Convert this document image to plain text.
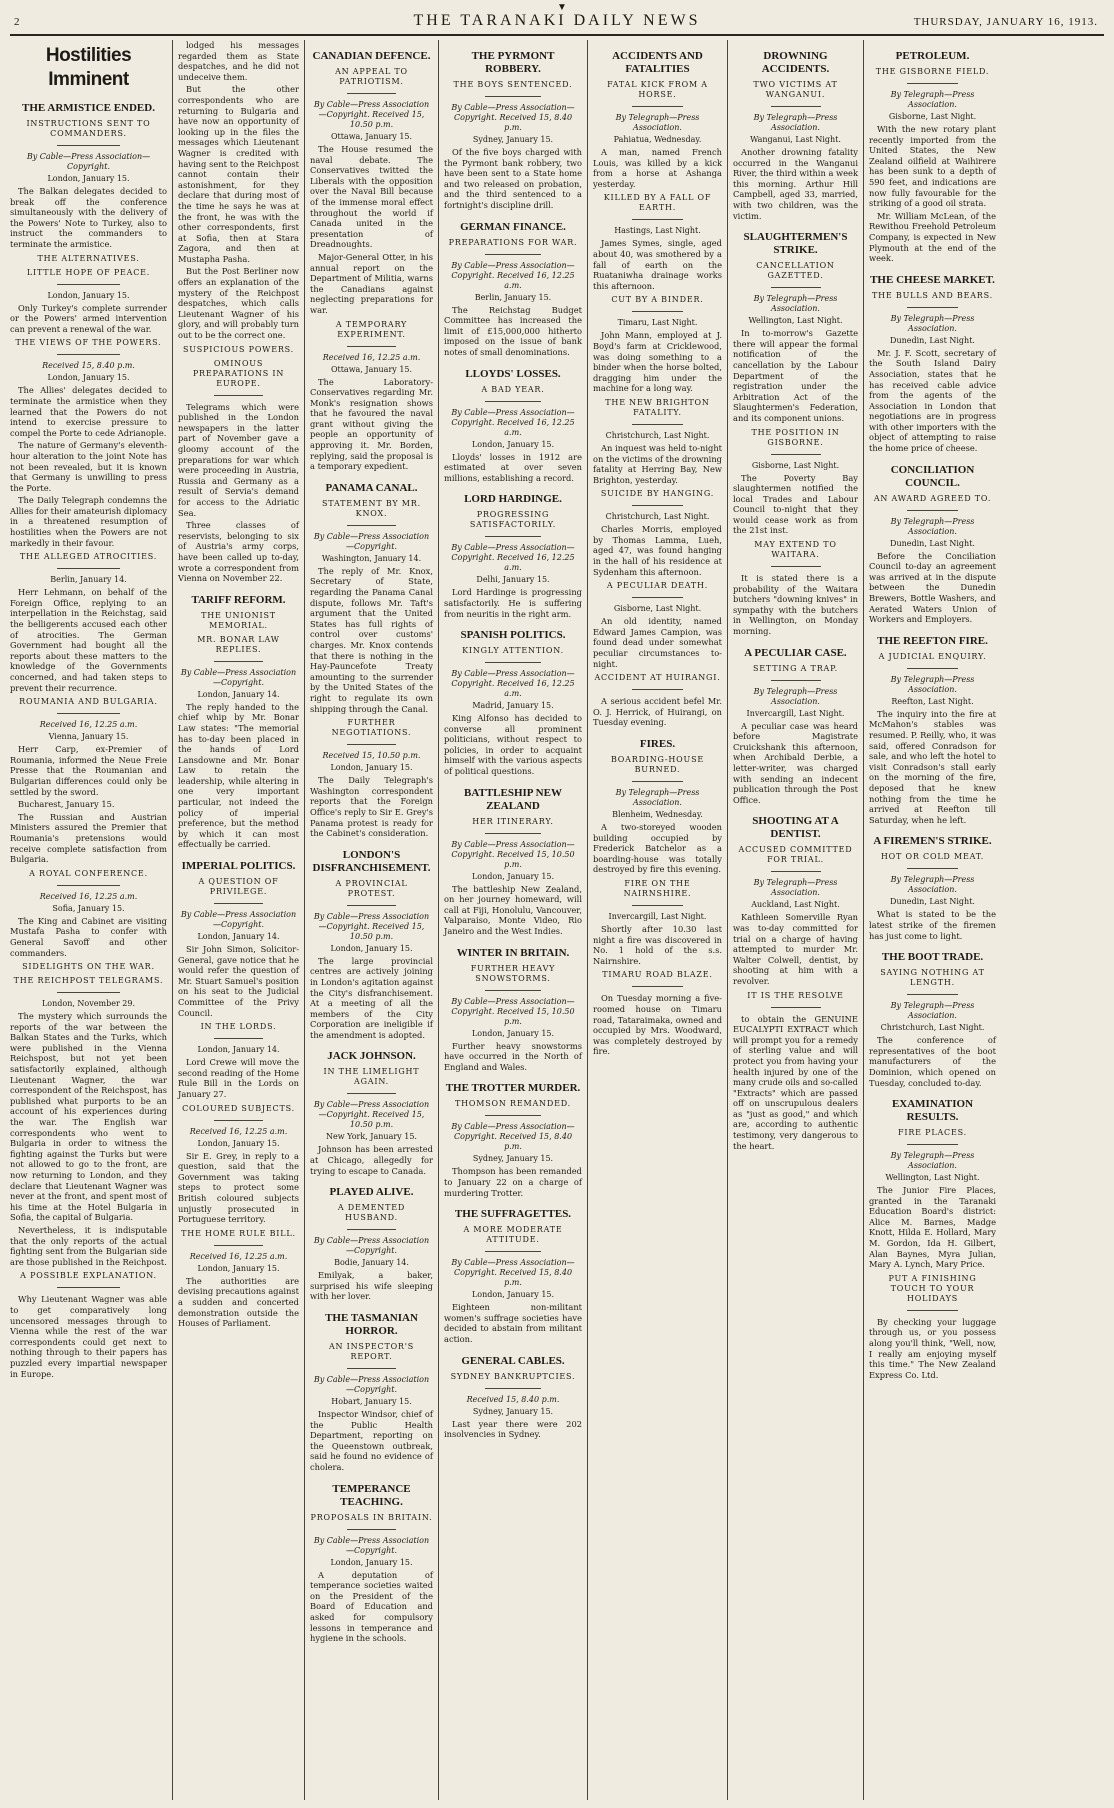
▼
2	THE TARANAKI DAILY NEWS	THURSDAY, JANUARY 16, 1913.
Hostilities Imminent
THE ARMISTICE ENDED.
INSTRUCTIONS SENT TO COMMANDERS.
By Cable—Press Association—Copyright.
London, January 15.

The Balkan delegates decided to break off the conference simultaneously with the delivery of the Powers' Note to Turkey, also to instruct the commanders to terminate the armistice.

THE ALTERNATIVES.
LITTLE HOPE OF PEACE.
London, January 15.

Only Turkey's complete surrender or the Powers' armed intervention can prevent a renewal of the war.

THE VIEWS OF THE POWERS.
Received 15, 8.40 p.m.
London, January 15.

The Allies' delegates decided to terminate the armistice when they learned that the Powers do not intend to exercise pressure to compel the Porte to cede Adrianople.

The nature of Germany's eleventh-hour alteration to the joint Note has not been revealed, but it is known that Germany is unwilling to press the Porte.

The Daily Telegraph condemns the Allies for their amateurish diplomacy in a threatened resumption of hostilities when the Powers are not markedly in their favour.

THE ALLEGED ATROCITIES.
Berlin, January 14.

Herr Lehmann, on behalf of the Foreign Office, replying to an interpellation in the Reichstag, said the belligerents accused each other of atrocities. The German Government had bought all the reports about these matters to the knowledge of the Governments concerned, and had taken steps to prevent their recurrence.

ROUMANIA AND BULGARIA.
Received 16, 12.25 a.m.
Vienna, January 15.

Herr Carp, ex-Premier of Roumania, informed the Neue Freie Presse that the Roumanian and Bulgarian differences could only be settled by the sword.

Bucharest, January 15.

The Russian and Austrian Ministers assured the Premier that Roumania's pretensions would receive complete satisfaction from Bulgaria.

A ROYAL CONFERENCE.
Received 16, 12.25 a.m.
Sofia, January 15.

The King and Cabinet are visiting Mustafa Pasha to confer with General Savoff and other commanders.

SIDELIGHTS ON THE WAR.
THE REICHPOST TELEGRAMS.
London, November 29.

The mystery which surrounds the reports of the war between the Balkan States and the Turks, which were published in the Vienna Reichspost, but not yet been satisfactorily explained, although Lieutenant Wagner, the war correspondent of the Reichspost, has published what purports to be an account of his experiences during the war. The English war correspondents who went to Bulgaria in order to witness the fighting against the Turks but were not allowed to go to the front, are now returning to London, and they declare that Lieutenant Wagner was never at the front, and spent most of his time at the Hotel Bulgaria in Sofia, the capital of Bulgaria.

Nevertheless, it is indisputable that the only reports of the actual fighting sent from the Bulgarian side are those published in the Reichpost.

A POSSIBLE EXPLANATION.

Why Lieutenant Wagner was able to get comparatively long uncensored messages through to Vienna while the rest of the war correspondents could get next to nothing through to their papers has puzzled every impartial newspaper in Europe.

lodged his messages regarded them as State despatches, and he did not undeceive them.

But the other correspondents who are returning to Bulgaria and have now an opportunity of looking up in the files the messages which Lieutenant Wagner is credited with having sent to the Reichpost cannot contain their astonishment, for they declare that during most of the time he says he was at the front, he was with the other correspondents, first at Sofia, then at Stara Zagora, and then at Mustapha Pasha.

But the Post Berliner now offers an explanation of the mystery of the Reichpost despatches, which calls Lieutenant Wagner of his glory, and will probably turn out to be the correct one.

SUSPICIOUS POWERS.
OMINOUS PREPARATIONS IN EUROPE.

Telegrams which were published in the London newspapers in the latter part of November gave a gloomy account of the preparations for war which were proceeding in Austria, Russia and Germany as a result of Servia's demand for access to the Adriatic Sea.

Three classes of reservists, belonging to six of Austria's army corps, have been called up to-day, wrote a correspondent from Vienna on November 22.

TARIFF REFORM.
THE UNIONIST MEMORIAL.
MR. BONAR LAW REPLIES.
By Cable—Press Association—Copyright.
London, January 14.

The reply handed to the chief whip by Mr. Bonar Law states: "The memorial has to-day been placed in the hands of Lord Lansdowne and Mr. Bonar Law to retain the leadership, while altering in one very important particular, not indeed the policy of imperial preference, but the method by which it can most effectually be carried.

IMPERIAL POLITICS.
A QUESTION OF PRIVILEGE.
By Cable—Press Association—Copyright.
London, January 14.

Sir John Simon, Solicitor-General, gave notice that he would refer the question of Mr. Stuart Samuel's position on his seat to the Judicial Committee of the Privy Council.

IN THE LORDS.
London, January 14.

Lord Crewe will move the second reading of the Home Rule Bill in the Lords on January 27.

COLOURED SUBJECTS.
Received 16, 12.25 a.m.
London, January 15.

Sir E. Grey, in reply to a question, said that the Government was taking steps to protect some British coloured subjects unjustly prosecuted in Portuguese territory.

THE HOME RULE BILL.
Received 16, 12.25 a.m.
London, January 15.

The authorities are devising precautions against a sudden and concerted demonstration outside the Houses of Parliament.

CANADIAN DEFENCE.
AN APPEAL TO PATRIOTISM.
By Cable—Press Association—Copyright. Received 15, 10.50 p.m.
Ottawa, January 15.

The House resumed the naval debate. The Conservatives twitted the Liberals with the opposition over the Naval Bill because of the immense moral effect throughout the world if Canada united in the presentation of Dreadnoughts.

Major-General Otter, in his annual report on the Department of Militia, warns the Canadians against neglecting preparations for war.

A TEMPORARY EXPERIMENT.
Received 16, 12.25 a.m.
Ottawa, January 15.

The Laboratory-Conservatives regarding Mr. Monk's resignation shows that he favoured the naval grant without giving the people an opportunity of approving it. Mr. Borden, replying, said the proposal is a temporary expedient.

PANAMA CANAL.
STATEMENT BY MR. KNOX.
By Cable—Press Association—Copyright.
Washington, January 14.

The reply of Mr. Knox, Secretary of State, regarding the Panama Canal dispute, follows Mr. Taft's argument that the United States has full rights of control over customs' charges. Mr. Knox contends that there is nothing in the Hay-Pauncefote Treaty amounting to the surrender by the United States of the right to regulate its own shipping through the Canal.

FURTHER NEGOTIATIONS.
Received 15, 10.50 p.m.
London, January 15.

The Daily Telegraph's Washington correspondent reports that the Foreign Office's reply to Sir E. Grey's Panama protest is ready for the Cabinet's consideration.

LONDON'S DISFRANCHISEMENT.
A PROVINCIAL PROTEST.
By Cable—Press Association—Copyright. Received 15, 10.50 p.m.
London, January 15.

The large provincial centres are actively joining in London's agitation against the City's disfranchisement. At a meeting of all the members of the City Corporation are ineligible if the amendment is adopted.

JACK JOHNSON.
IN THE LIMELIGHT AGAIN.
By Cable—Press Association—Copyright. Received 15, 10.50 p.m.
New York, January 15.

Johnson has been arrested at Chicago, allegedly for trying to escape to Canada.

PLAYED ALIVE.
A DEMENTED HUSBAND.
By Cable—Press Association—Copyright.
Bodie, January 14.

Emilyak, a baker, surprised his wife sleeping with her lover.

THE TASMANIAN HORROR.
AN INSPECTOR'S REPORT.
By Cable—Press Association—Copyright.
Hobart, January 15.

Inspector Windsor, chief of the Public Health Department, reporting on the Queenstown outbreak, said he found no evidence of cholera.

TEMPERANCE TEACHING.
PROPOSALS IN BRITAIN.
By Cable—Press Association—Copyright.
London, January 15.

A deputation of temperance societies waited on the President of the Board of Education and asked for compulsory lessons in temperance and hygiene in the schools.

THE PYRMONT ROBBERY.
THE BOYS SENTENCED.
By Cable—Press Association—Copyright. Received 15, 8.40 p.m.
Sydney, January 15.

Of the five boys charged with the Pyrmont bank robbery, two have been sent to a State home and two released on probation, and the third sentenced to a fortnight's discipline drill.

GERMAN FINANCE.
PREPARATIONS FOR WAR.
By Cable—Press Association—Copyright. Received 16, 12.25 a.m.
Berlin, January 15.

The Reichstag Budget Committee has increased the limit of £15,000,000 hitherto imposed on the issue of bank notes of small denominations.

LLOYDS' LOSSES.
A BAD YEAR.
By Cable—Press Association—Copyright. Received 16, 12.25 a.m.
London, January 15.

Lloyds' losses in 1912 are estimated at over seven millions, establishing a record.

LORD HARDINGE.
PROGRESSING SATISFACTORILY.
By Cable—Press Association—Copyright. Received 16, 12.25 a.m.
Delhi, January 15.

Lord Hardinge is progressing satisfactorily. He is suffering from neuritis in the right arm.

SPANISH POLITICS.
KINGLY ATTENTION.
By Cable—Press Association—Copyright. Received 16, 12.25 a.m.
Madrid, January 15.

King Alfonso has decided to converse all prominent politicians, without respect to policies, in order to acquaint himself with the various aspects of political questions.

BATTLESHIP NEW ZEALAND
HER ITINERARY.
By Cable—Press Association—Copyright. Received 15, 10.50 p.m.
London, January 15.

The battleship New Zealand, on her journey homeward, will call at Fiji, Honolulu, Vancouver, Valparaiso, Monte Video, Rio Janeiro and the West Indies.

WINTER IN BRITAIN.
FURTHER HEAVY SNOWSTORMS.
By Cable—Press Association—Copyright. Received 15, 10.50 p.m.
London, January 15.

Further heavy snowstorms have occurred in the North of England and Wales.

THE TROTTER MURDER.
THOMSON REMANDED.
By Cable—Press Association—Copyright. Received 15, 8.40 p.m.
Sydney, January 15.

Thompson has been remanded to January 22 on a charge of murdering Trotter.

THE SUFFRAGETTES.
A MORE MODERATE ATTITUDE.
By Cable—Press Association—Copyright. Received 15, 8.40 p.m.
London, January 15.

Eighteen non-militant women's suffrage societies have decided to abstain from militant action.

GENERAL CABLES.
SYDNEY BANKRUPTCIES.
Received 15, 8.40 p.m.
Sydney, January 15.

Last year there were 202 insolvencies in Sydney.

ACCIDENTS AND FATALITIES
FATAL KICK FROM A HORSE.
By Telegraph—Press Association.
Pahiatua, Wednesday.

A man, named French Louis, was killed by a kick from a horse at Ashanga yesterday.

KILLED BY A FALL OF EARTH.
Hastings, Last Night.

James Symes, single, aged about 40, was smothered by a fall of earth on the Ruataniwha drainage works this afternoon.

CUT BY A BINDER.
Timaru, Last Night.

John Mann, employed at J. Boyd's farm at Cricklewood, was doing something to a binder when the horse bolted, dragging him under the machine for a long way.

THE NEW BRIGHTON FATALITY.
Christchurch, Last Night.

An inquest was held to-night on the victims of the drowning fatality at Herring Bay, New Brighton, yesterday.

SUICIDE BY HANGING.
Christchurch, Last Night.

Charles Morris, employed by Thomas Lamma, Lueh, aged 47, was found hanging in the hall of his residence at Sydenham this afternoon.

A PECULIAR DEATH.
Gisborne, Last Night.

An old identity, named Edward James Campion, was found dead under somewhat peculiar circumstances to-night.

ACCIDENT AT HUIRANGI.

A serious accident befel Mr. O. J. Herrick, of Huirangi, on Tuesday evening.

FIRES.
BOARDING-HOUSE BURNED.
By Telegraph—Press Association.
Blenheim, Wednesday.

A two-storeyed wooden building occupied by Frederick Batchelor as a boarding-house was totally destroyed by fire this evening.

FIRE ON THE NAIRNSHIRE.
Invercargill, Last Night.

Shortly after 10.30 last night a fire was discovered in No. 1 hold of the s.s. Nairnshire.

TIMARU ROAD BLAZE.

On Tuesday morning a five-roomed house on Timaru road, Tataraimaka, owned and occupied by Mrs. Woodward, was completely destroyed by fire.

DROWNING ACCIDENTS.
TWO VICTIMS AT WANGANUI.
By Telegraph—Press Association.
Wanganui, Last Night.

Another drowning fatality occurred in the Wanganui River, the third within a week this morning. Arthur Hill Campbell, aged 33, married, with two children, was the victim.

SLAUGHTERMEN'S STRIKE.
CANCELLATION GAZETTED.
By Telegraph—Press Association.
Wellington, Last Night.

In to-morrow's Gazette there will appear the formal notification of the cancellation by the Labour Department of the registration under the Arbitration Act of the Slaughtermen's Federation, and its component unions.

THE POSITION IN GISBORNE.
Gisborne, Last Night.

The Poverty Bay slaughtermen notified the local Trades and Labour Council to-night that they would cease work as from the 21st inst.

MAY EXTEND TO WAITARA.

It is stated there is a probability of the Waitara butchers "downing knives" in sympathy with the butchers in Wellington, on Monday morning.

A PECULIAR CASE.
SETTING A TRAP.
By Telegraph—Press Association.
Invercargill, Last Night.

A peculiar case was heard before Magistrate Cruickshank this afternoon, when Archibald Derbie, a letter-writer, was charged with sending an indecent publication through the Post Office.

SHOOTING AT A DENTIST.
ACCUSED COMMITTED FOR TRIAL.
By Telegraph—Press Association.
Auckland, Last Night.

Kathleen Somerville Ryan was to-day committed for trial on a charge of having attempted to murder Mr. Walter Colwell, dentist, by shooting at him with a revolver.

IT IS THE RESOLVE

to obtain the GENUINE EUCALYPTI EXTRACT which will prompt you for a remedy of sterling value and will protect you from having your health injured by one of the many crude oils and so-called "Extracts" which are passed off on unscrupulous dealers as "just as good," and which are, according to authentic testimony, very dangerous to the heart.

PETROLEUM.
THE GISBORNE FIELD.
By Telegraph—Press Association.
Gisborne, Last Night.

With the new rotary plant recently imported from the United States, the New Zealand oilfield at Waihirere has been sunk to a depth of 590 feet, and indications are now fully favourable for the striking of a good oil strata.

Mr. William McLean, of the Rewithou Freehold Petroleum Company, is expected in New Plymouth at the end of the week.

THE CHEESE MARKET.
THE BULLS AND BEARS.
By Telegraph—Press Association.
Dunedin, Last Night.

Mr. J. F. Scott, secretary of the South Island Dairy Association, states that he has received cable advice from the agents of the Association in London that negotiations are in progress with other importers with the object of attempting to raise the home price of cheese.

CONCILIATION COUNCIL.
AN AWARD AGREED TO.
By Telegraph—Press Association.
Dunedin, Last Night.

Before the Conciliation Council to-day an agreement was arrived at in the dispute between the Dunedin Brewers, Bottle Washers, and Aerated Waters Union of Workers and Employers.

THE REEFTON FIRE.
A JUDICIAL ENQUIRY.
By Telegraph—Press Association.
Reefton, Last Night.

The inquiry into the fire at McMahon's stables was resumed. P. Reilly, who, it was said, offered Conradson for sale, and who left the hotel to visit Conradson's stall early on the morning of the fire, deposed that he knew nothing from the time he arrived at Reefton till Saturday, when he left.

A FIREMEN'S STRIKE.
HOT OR COLD MEAT.
By Telegraph—Press Association.
Dunedin, Last Night.

What is stated to be the latest strike of the firemen has just come to light.

THE BOOT TRADE.
SAYING NOTHING AT LENGTH.
By Telegraph—Press Association.
Christchurch, Last Night.

The conference of representatives of the boot manufacturers of the Dominion, which opened on Tuesday, concluded to-day.

EXAMINATION RESULTS.
FIRE PLACES.
By Telegraph—Press Association.
Wellington, Last Night.

The Junior Fire Places, granted in the Taranaki Education Board's district: Alice M. Barnes, Madge Knott, Hilda E. Hollard, Mary M. Gordon, Ida H. Gilbert, Alan Baynes, Myra Julian, Mary A. Lynch, Mary Price.

PUT A FINISHING TOUCH TO YOUR HOLIDAYS

By checking your luggage through us, or you possess along you'll think, "Well, now, I really am enjoying myself this time." The New Zealand Express Co. Ltd.
